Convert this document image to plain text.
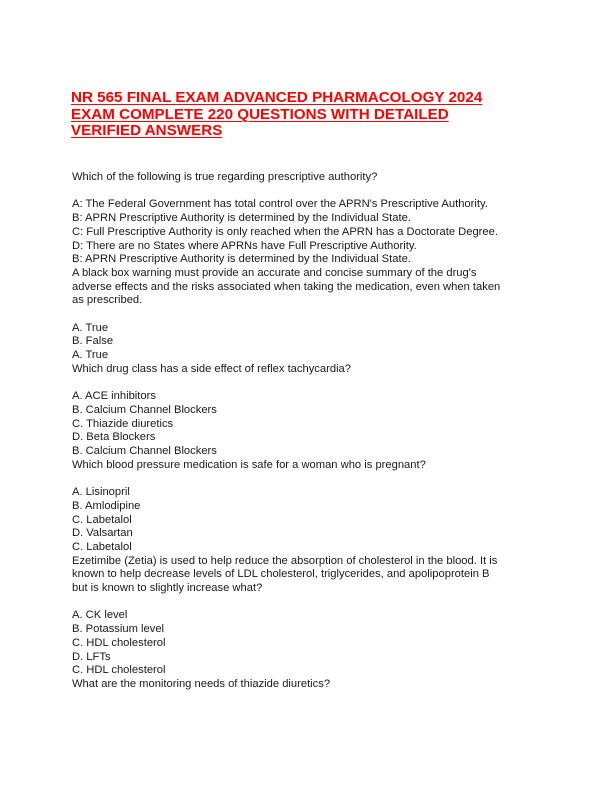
NR 565 FINAL EXAM ADVANCED PHARMACOLOGY 2024
EXAM COMPLETE 220 QUESTIONS WITH DETAILED
VERIFIED ANSWERS
Which of the following is true regarding prescriptive authority?
A: The Federal Government has total control over the APRN's Prescriptive Authority.
B: APRN Prescriptive Authority is determined by the Individual State.
C: Full Prescriptive Authority is only reached when the APRN has a Doctorate Degree.
D: There are no States where APRNs have Full Prescriptive Authority.
B: APRN Prescriptive Authority is determined by the Individual State.
A black box warning must provide an accurate and concise summary of the drug's
adverse effects and the risks associated when taking the medication, even when taken
as prescribed.
A. True
B. False
A. True
Which drug class has a side effect of reflex tachycardia?
A. ACE inhibitors
B. Calcium Channel Blockers
C. Thiazide diuretics
D. Beta Blockers
B. Calcium Channel Blockers
Which blood pressure medication is safe for a woman who is pregnant?
A. Lisinopril
B. Amlodipine
C. Labetalol
D. Valsartan
C. Labetalol
Ezetimibe (Zetia) is used to help reduce the absorption of cholesterol in the blood. It is
known to help decrease levels of LDL cholesterol, triglycerides, and apolipoprotein B
but is known to slightly increase what?
A. CK level
B. Potassium level
C. HDL cholesterol
D. LFTs
C. HDL cholesterol
What are the monitoring needs of thiazide diuretics?
